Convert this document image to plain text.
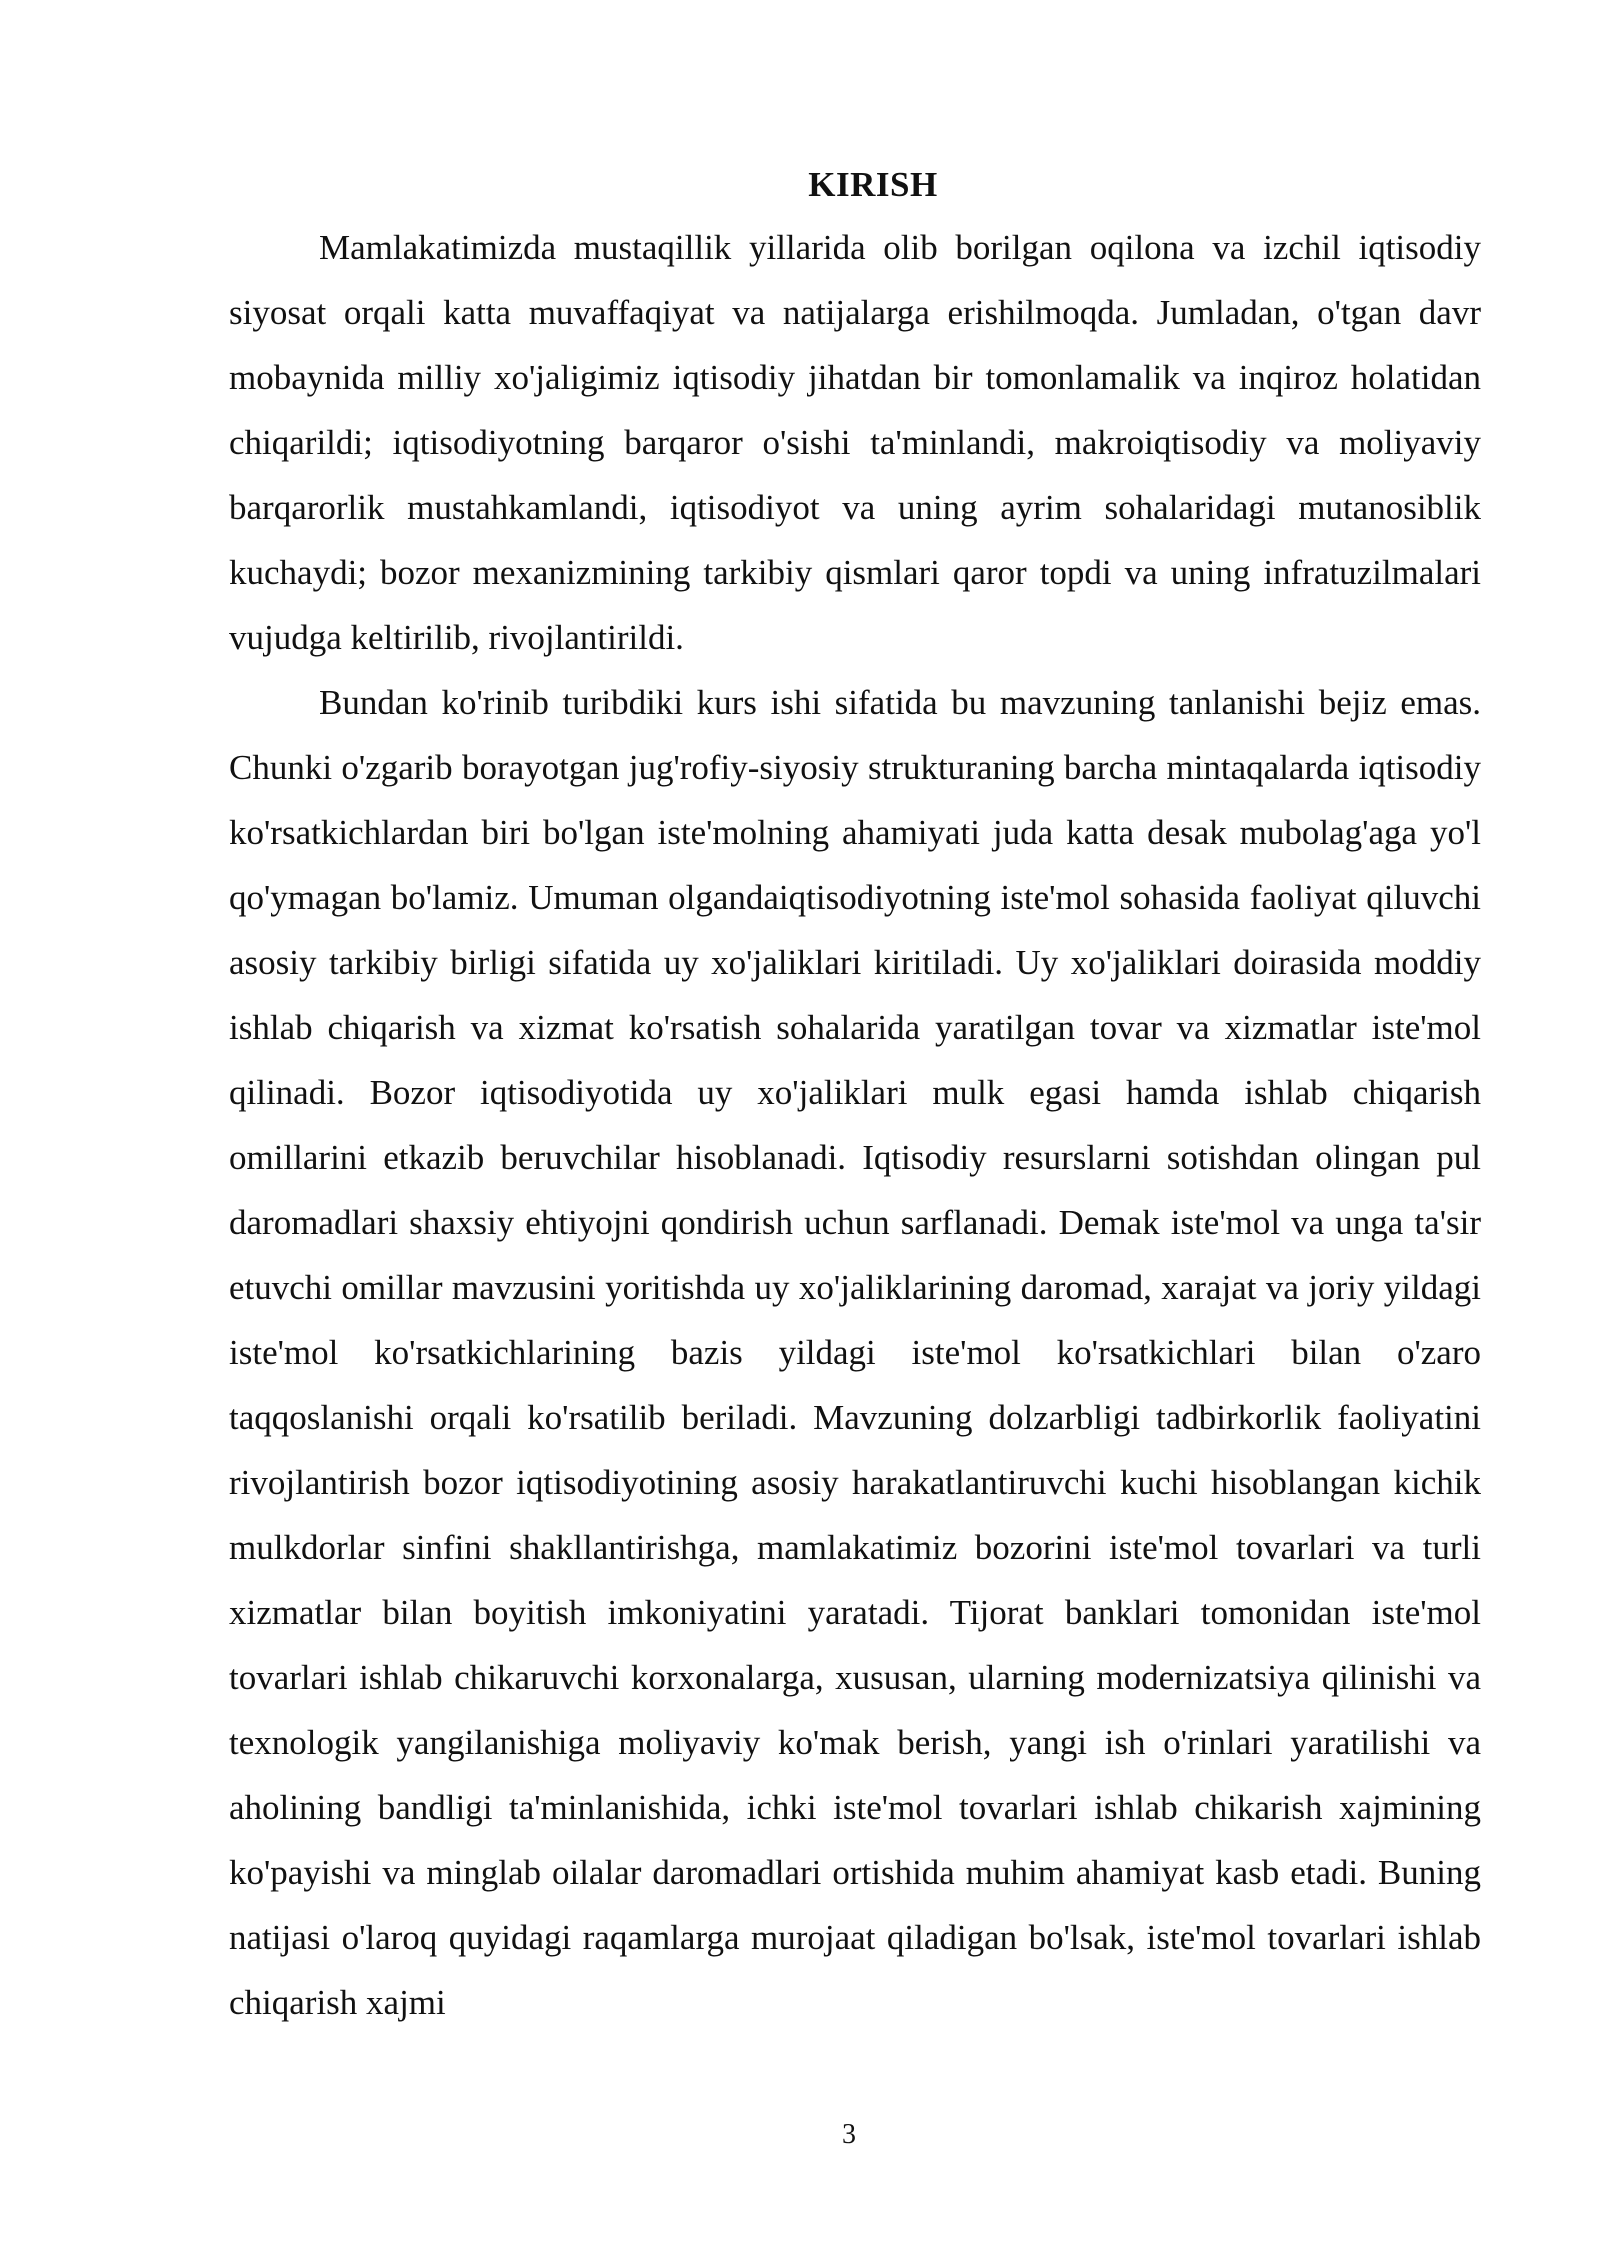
KIRISH

Mamlakatimizda mustaqillik yillarida olib borilgan oqilona va izchil iqtisodiy siyosat orqali katta muvaffaqiyat va natijalarga erishilmoqda. Jumladan, o'tgan davr mobaynida milliy xo'jaligimiz iqtisodiy jihatdan bir tomonlamalik va inqiroz holatidan chiqarildi; iqtisodiyotning barqaror o'sishi ta'minlandi, makroiqtisodiy va moliyaviy barqarorlik mustahkamlandi, iqtisodiyot va uning ayrim sohalaridagi mutanosiblik kuchaydi; bozor mexanizmining tarkibiy qismlari qaror topdi va uning infratuzilmalari vujudga keltirilib, rivojlantirildi.

Bundan ko'rinib turibdiki kurs ishi sifatida bu mavzuning tanlanishi bejiz emas. Chunki o'zgarib borayotgan jug'rofiy-siyosiy strukturaning barcha mintaqalarda iqtisodiy ko'rsatkichlardan biri bo'lgan iste'molning ahamiyati juda katta desak mubolag'aga yo'l qo'ymagan bo'lamiz. Umuman olgandaiqtisodiyotning iste'mol sohasida faoliyat qiluvchi asosiy tarkibiy birligi sifatida uy xo'jaliklari kiritiladi. Uy xo'jaliklari doirasida moddiy ishlab chiqarish va xizmat ko'rsatish sohalarida yaratilgan tovar va xizmatlar iste'mol qilinadi. Bozor iqtisodiyotida uy xo'jaliklari mulk egasi hamda ishlab chiqarish omillarini etkazib beruvchilar hisoblanadi. Iqtisodiy resurslarni sotishdan olingan pul daromadlari shaxsiy ehtiyojni qondirish uchun sarflanadi. Demak iste'mol va unga ta'sir etuvchi omillar mavzusini yoritishda uy xo'jaliklarining daromad, xarajat va joriy yildagi iste'mol ko'rsatkichlarining bazis yildagi iste'mol ko'rsatkichlari bilan o'zaro taqqoslanishi orqali ko'rsatilib beriladi. Mavzuning dolzarbligi tadbirkorlik faoliyatini rivojlantirish bozor iqtisodiyotining asosiy harakatlantiruvchi kuchi hisoblangan kichik mulkdorlar sinfini shakllantirishga, mamlakatimiz bozorini iste'mol tovarlari va turli xizmatlar bilan boyitish imkoniyatini yaratadi. Tijorat banklari tomonidan iste'mol tovarlari ishlab chikaruvchi korxonalarga, xususan, ularning modernizatsiya qilinishi va texnologik yangilanishiga moliyaviy ko'mak berish, yangi ish o'rinlari yaratilishi va aholining bandligi ta'minlanishida, ichki iste'mol tovarlari ishlab chikarish xajmining ko'payishi va minglab oilalar daromadlari ortishida muhim ahamiyat kasb etadi. Buning natijasi o'laroq quyidagi raqamlarga murojaat qiladigan bo'lsak, iste'mol tovarlari ishlab chiqarish xajmi

3
